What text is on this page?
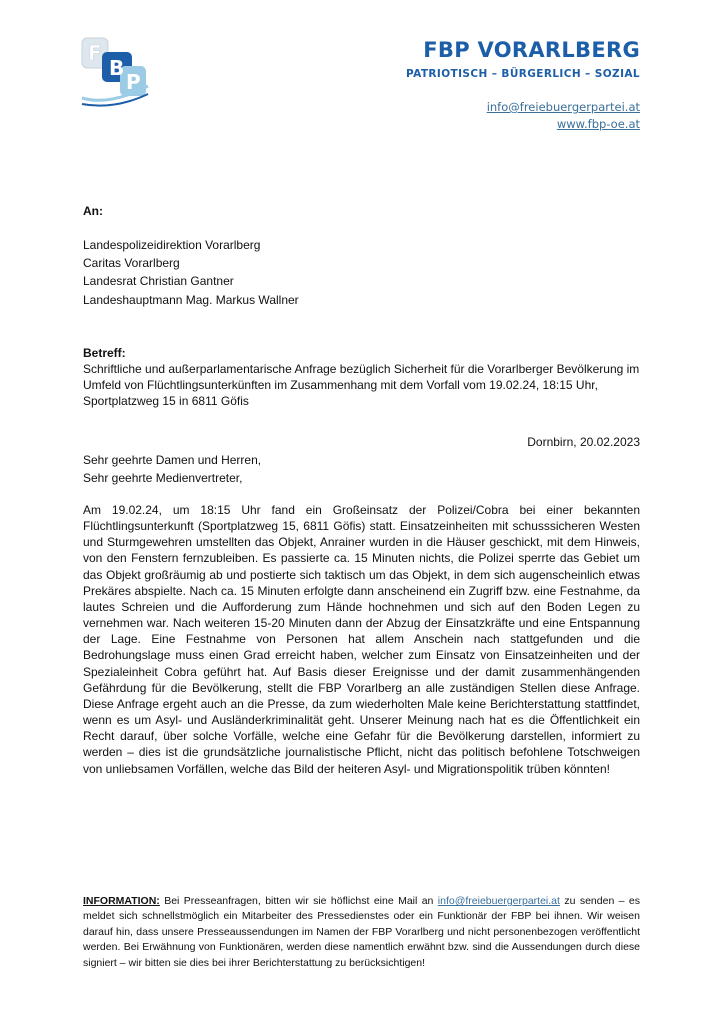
F
B
P
FBP VORARLBERG
PATRIOTISCH – BÜRGERLICH – SOZIAL
info@freiebuergerpartei.at
www.fbp-oe.at
An:
Landespolizeidirektion Vorarlberg
Caritas Vorarlberg
Landesrat Christian Gantner
Landeshauptmann Mag. Markus Wallner
Betreff:
Schriftliche und außerparlamentarische Anfrage bezüglich Sicherheit für die Vorarlberger Bevölkerung im Umfeld von Flüchtlingsunterkünften im Zusammenhang mit dem Vorfall vom 19.02.24, 18:15 Uhr, Sportplatzweg 15 in 6811 Göfis
Dornbirn, 20.02.2023
Sehr geehrte Damen und Herren,
Sehr geehrte Medienvertreter,
Am 19.02.24, um 18:15 Uhr fand ein Großeinsatz der Polizei/Cobra bei einer bekannten Flüchtlingsunterkunft (Sportplatzweg 15, 6811 Göfis) statt. Einsatzeinheiten mit schusssicheren Westen und Sturmgewehren umstellten das Objekt, Anrainer wurden in die Häuser geschickt, mit dem Hinweis, von den Fenstern fernzubleiben. Es passierte ca. 15 Minuten nichts, die Polizei sperrte das Gebiet um das Objekt großräumig ab und postierte sich taktisch um das Objekt, in dem sich augenscheinlich etwas Prekäres abspielte. Nach ca. 15 Minuten erfolgte dann anscheinend ein Zugriff bzw. eine Festnahme, da lautes Schreien und die Aufforderung zum Hände hochnehmen und sich auf den Boden Legen zu vernehmen war. Nach weiteren 15-20 Minuten dann der Abzug der Einsatzkräfte und eine Entspannung der Lage. Eine Festnahme von Personen hat allem Anschein nach stattgefunden und die Bedrohungslage muss einen Grad erreicht haben, welcher zum Einsatz von Einsatzeinheiten und der Spezialeinheit Cobra geführt hat. Auf Basis dieser Ereignisse und der damit zusammenhängenden Gefährdung für die Bevölkerung, stellt die FBP Vorarlberg an alle zuständigen Stellen diese Anfrage. Diese Anfrage ergeht auch an die Presse, da zum wiederholten Male keine Berichterstattung stattfindet, wenn es um Asyl- und Ausländerkriminalität geht. Unserer Meinung nach hat es die Öffentlichkeit ein Recht darauf, über solche Vorfälle, welche eine Gefahr für die Bevölkerung darstellen, informiert zu werden – dies ist die grundsätzliche journalistische Pflicht, nicht das politisch befohlene Totschweigen von unliebsamen Vorfällen, welche das Bild der heiteren Asyl- und Migrationspolitik trüben könnten!
INFORMATION: Bei Presseanfragen, bitten wir sie höflichst eine Mail an info@freiebuergerpartei.at zu senden – es meldet sich schnellstmöglich ein Mitarbeiter des Pressedienstes oder ein Funktionär der FBP bei ihnen. Wir weisen darauf hin, dass unsere Presseaussendungen im Namen der FBP Vorarlberg und nicht personenbezogen veröffentlicht werden. Bei Erwähnung von Funktionären, werden diese namentlich erwähnt bzw. sind die Aussendungen durch diese signiert – wir bitten sie dies bei ihrer Berichterstattung zu berücksichtigen!
